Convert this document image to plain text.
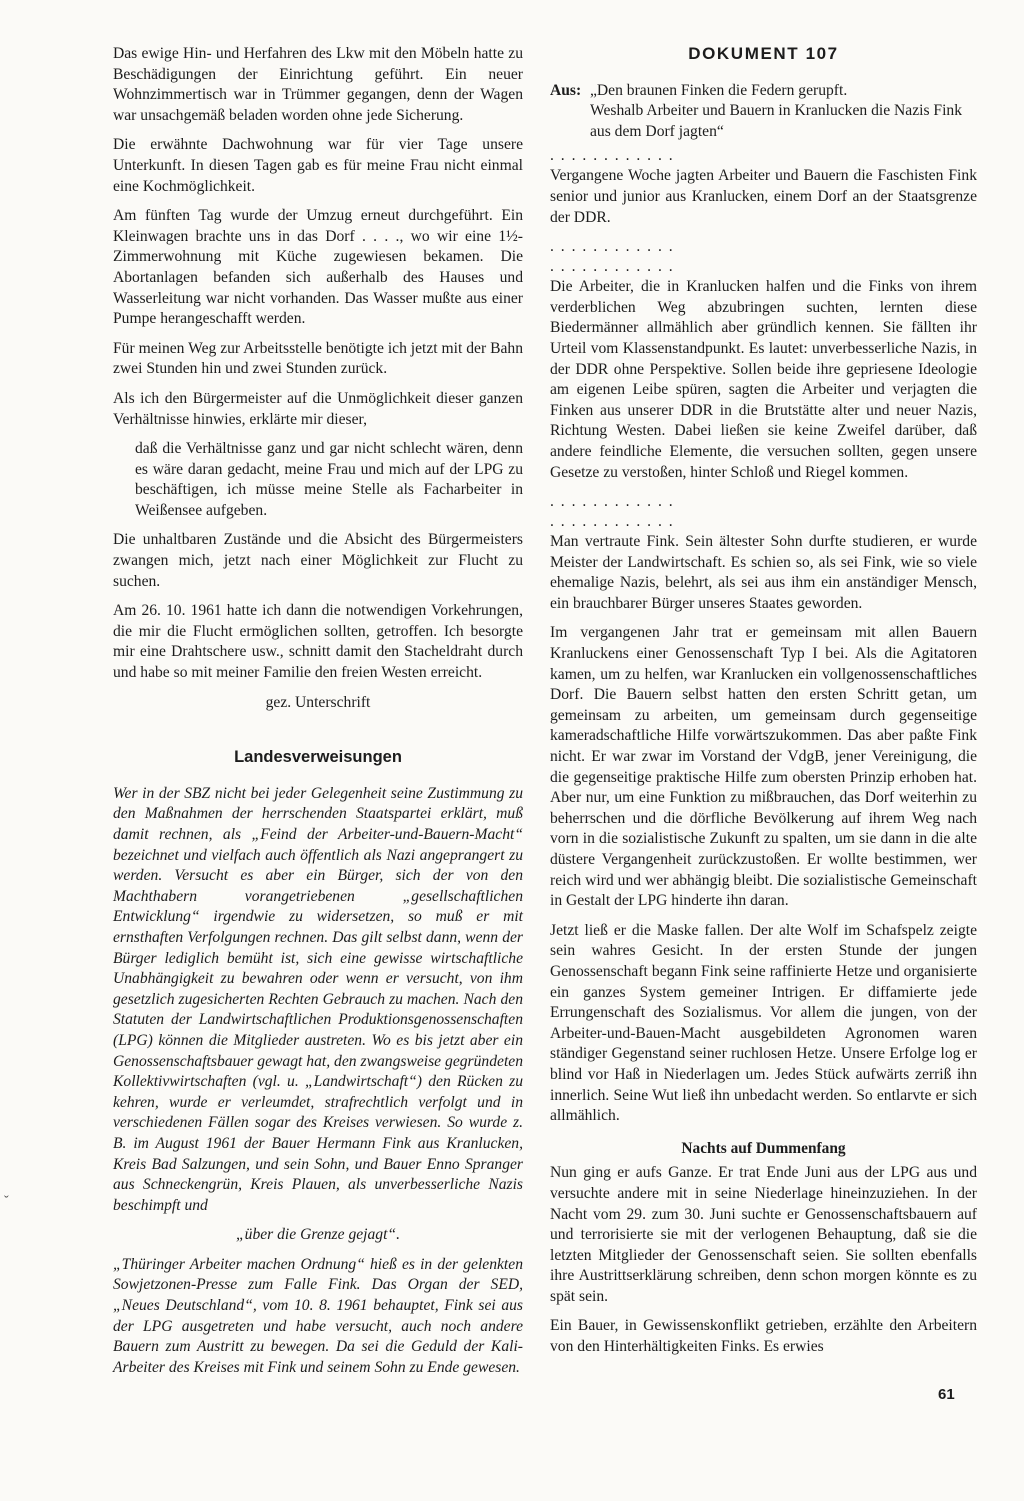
Das ewige Hin- und Herfahren des Lkw mit den Möbeln hatte zu Beschädigungen der Einrichtung geführt. Ein neuer Wohnzimmertisch war in Trümmer gegangen, denn der Wagen war unsachgemäß beladen worden ohne jede Sicherung.

Die erwähnte Dachwohnung war für vier Tage unsere Unterkunft. In diesen Tagen gab es für meine Frau nicht einmal eine Kochmöglichkeit.

Am fünften Tag wurde der Umzug erneut durchgeführt. Ein Kleinwagen brachte uns in das Dorf . . . ., wo wir eine 1½-Zimmerwohnung mit Küche zugewiesen bekamen. Die Abortanlagen befanden sich außerhalb des Hauses und Wasserleitung war nicht vorhanden. Das Wasser mußte aus einer Pumpe herangeschafft werden.

Für meinen Weg zur Arbeitsstelle benötigte ich jetzt mit der Bahn zwei Stunden hin und zwei Stunden zurück.

Als ich den Bürgermeister auf die Unmöglichkeit dieser ganzen Verhältnisse hinwies, erklärte mir dieser,

daß die Verhältnisse ganz und gar nicht schlecht wären, denn es wäre daran gedacht, meine Frau und mich auf der LPG zu beschäftigen, ich müsse meine Stelle als Facharbeiter in Weißensee aufgeben.

Die unhaltbaren Zustände und die Absicht des Bürgermeisters zwangen mich, jetzt nach einer Möglichkeit zur Flucht zu suchen.

Am 26. 10. 1961 hatte ich dann die notwendigen Vorkehrungen, die mir die Flucht ermöglichen sollten, getroffen. Ich besorgte mir eine Drahtschere usw., schnitt damit den Stacheldraht durch und habe so mit meiner Familie den freien Westen erreicht.

gez. Unterschrift

Landesverweisungen

Wer in der SBZ nicht bei jeder Gelegenheit seine Zustimmung zu den Maßnahmen der herrschenden Staatspartei erklärt, muß damit rechnen, als „Feind der Arbeiter-und-Bauern-Macht“ bezeichnet und vielfach auch öffentlich als Nazi angeprangert zu werden. Versucht es aber ein Bürger, sich der von den Machthabern vorangetriebenen „gesellschaftlichen Entwicklung“ irgendwie zu widersetzen, so muß er mit ernsthaften Verfolgungen rechnen. Das gilt selbst dann, wenn der Bürger lediglich bemüht ist, sich eine gewisse wirtschaftliche Unabhängigkeit zu bewahren oder wenn er versucht, von ihm gesetzlich zugesicherten Rechten Gebrauch zu machen. Nach den Statuten der Landwirtschaftlichen Produktionsgenossenschaften (LPG) können die Mitglieder austreten. Wo es bis jetzt aber ein Genossenschaftsbauer gewagt hat, den zwangsweise gegründeten Kollektivwirtschaften (vgl. u. „Landwirtschaft“) den Rücken zu kehren, wurde er verleumdet, strafrechtlich verfolgt und in verschiedenen Fällen sogar des Kreises verwiesen. So wurde z. B. im August 1961 der Bauer Hermann Fink aus Kranlucken, Kreis Bad Salzungen, und sein Sohn, und Bauer Enno Spranger aus Schneckengrün, Kreis Plauen, als unverbesserliche Nazis beschimpft und

„über die Grenze gejagt“.

„Thüringer Arbeiter machen Ordnung“ hieß es in der gelenkten Sowjetzonen-Presse zum Falle Fink. Das Organ der SED, „Neues Deutschland“, vom 10. 8. 1961 behauptet, Fink sei aus der LPG ausgetreten und habe versucht, auch noch andere Bauern zum Austritt zu bewegen. Da sei die Geduld der Kali-Arbeiter des Kreises mit Fink und seinem Sohn zu Ende gewesen.

DOKUMENT 107
Aus: „Den braunen Finken die Federn gerupft.

Weshalb Arbeiter und Bauern in Kranlucken die Nazis Fink aus dem Dorf jagten“

. . . . . . . . . . . .

Vergangene Woche jagten Arbeiter und Bauern die Faschisten Fink senior und junior aus Kranlucken, einem Dorf an der Staatsgrenze der DDR.

. . . . . . . . . . . .

. . . . . . . . . . . .

Die Arbeiter, die in Kranlucken halfen und die Finks von ihrem verderblichen Weg abzubringen suchten, lernten diese Biedermänner allmählich aber gründlich kennen. Sie fällten ihr Urteil vom Klassenstandpunkt. Es lautet: unverbesserliche Nazis, in der DDR ohne Perspektive. Sollen beide ihre gepriesene Ideologie am eigenen Leibe spüren, sagten die Arbeiter und verjagten die Finken aus unserer DDR in die Brutstätte alter und neuer Nazis, Richtung Westen. Dabei ließen sie keine Zweifel darüber, daß andere feindliche Elemente, die versuchen sollten, gegen unsere Gesetze zu verstoßen, hinter Schloß und Riegel kommen.

. . . . . . . . . . . .

. . . . . . . . . . . .

Man vertraute Fink. Sein ältester Sohn durfte studieren, er wurde Meister der Landwirtschaft. Es schien so, als sei Fink, wie so viele ehemalige Nazis, belehrt, als sei aus ihm ein anständiger Mensch, ein brauchbarer Bürger unseres Staates geworden.

Im vergangenen Jahr trat er gemeinsam mit allen Bauern Kranluckens einer Genossenschaft Typ I bei. Als die Agitatoren kamen, um zu helfen, war Kranlucken ein vollgenossenschaftliches Dorf. Die Bauern selbst hatten den ersten Schritt getan, um gemeinsam zu arbeiten, um gemeinsam durch gegenseitige kameradschaftliche Hilfe vorwärtszukommen. Das aber paßte Fink nicht. Er war zwar im Vorstand der VdgB, jener Vereinigung, die die gegenseitige praktische Hilfe zum obersten Prinzip erhoben hat. Aber nur, um eine Funktion zu mißbrauchen, das Dorf weiterhin zu beherrschen und die dörfliche Bevölkerung auf ihrem Weg nach vorn in die sozialistische Zukunft zu spalten, um sie dann in die alte düstere Vergangenheit zurückzustoßen. Er wollte bestimmen, wer reich wird und wer abhängig bleibt. Die sozialistische Gemeinschaft in Gestalt der LPG hinderte ihn daran.

Jetzt ließ er die Maske fallen. Der alte Wolf im Schafspelz zeigte sein wahres Gesicht. In der ersten Stunde der jungen Genossenschaft begann Fink seine raffinierte Hetze und organisierte ein ganzes System gemeiner Intrigen. Er diffamierte jede Errungenschaft des Sozialismus. Vor allem die jungen, von der Arbeiter-und-Bauen-Macht ausgebildeten Agronomen waren ständiger Gegenstand seiner ruchlosen Hetze. Unsere Erfolge log er blind vor Haß in Niederlagen um. Jedes Stück aufwärts zerriß ihn innerlich. Seine Wut ließ ihn unbedacht werden. So entlarvte er sich allmählich.

Nachts auf Dummenfang

Nun ging er aufs Ganze. Er trat Ende Juni aus der LPG aus und versuchte andere mit in seine Niederlage hineinzuziehen. In der Nacht vom 29. zum 30. Juni suchte er Genossenschaftsbauern auf und terrorisierte sie mit der verlogenen Behauptung, daß sie die letzten Mitglieder der Genossenschaft seien. Sie sollten ebenfalls ihre Austrittserklärung schreiben, denn schon morgen könnte es zu spät sein.

Ein Bauer, in Gewissenskonflikt getrieben, erzählte den Arbeitern von den Hinterhältigkeiten Finks. Es erwies

61
ˇ
